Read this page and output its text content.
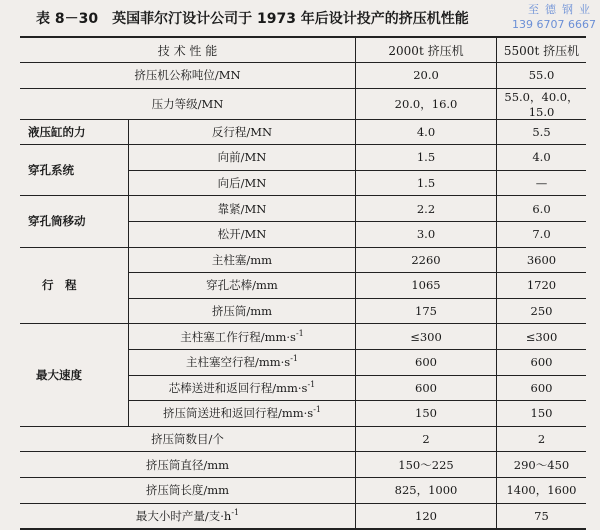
表 8－30　英国菲尔汀设计公司于 1973 年后设计投产的挤压机性能
至德钢业
139 6707 6667
技 术 性 能		2000t 挤压机	5500t 挤压机
挤压机公称吨位/MN		20.0	55.0
压力等级/MN		20.0，16.0	55.0，40.0，15.0
液压缸的力	反行程/MN	4.0	5.5
穿孔系统	向前/MN	1.5	4.0
	向后/MN	1.5	—
穿孔筒移动	靠紧/MN	2.2	6.0
	松开/MN	3.0	7.0
行　程	主柱塞/mm	2260	3600
	穿孔芯棒/mm	1065	1720
	挤压筒/mm	175	250
最大速度	主柱塞工作行程$/mm\cdot s^{-1}$	≤300	≤300
	主柱塞空行程$/mm\cdot s^{-1}$	600	600
	芯棒送进和返回行程$/mm\cdot s^{-1}$	600	600
	挤压筒送进和返回行程$/mm\cdot s^{-1}$	150	150
挤压筒数目/个		2	2
挤压筒直径/mm		150～225	290～450
挤压筒长度/mm		825，1000	1400，1600
最大小时产量/支$\cdot h^{-1}$		120	75
